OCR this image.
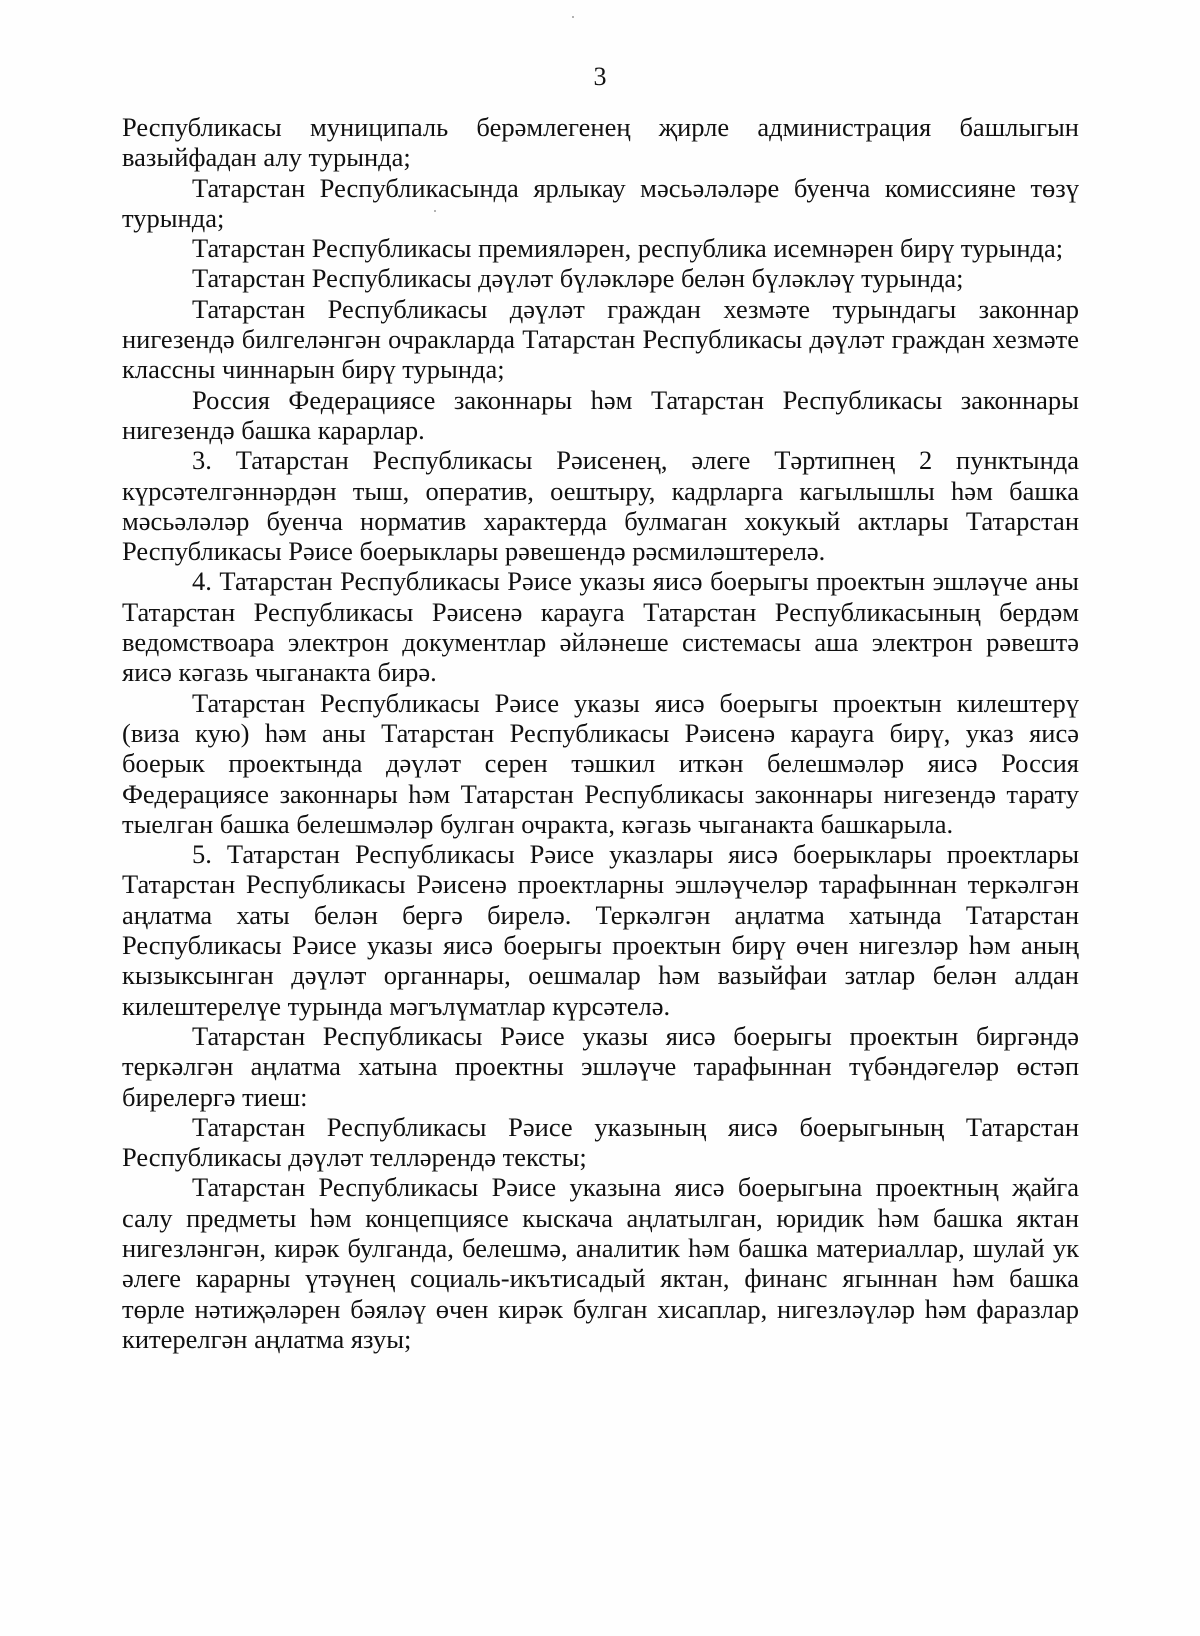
3

Республикасы муниципаль берәмлегенең җирле администрация башлыгын вазыйфадан алу турында;

Татарстан Республикасында ярлыкау мәсьәләләре буенча комиссияне төзү турында;

Татарстан Республикасы премияләрен, республика исемнәрен бирү турында;

Татарстан Республикасы дәүләт бүләкләре белән бүләкләү турында;

Татарстан Республикасы дәүләт граждан хезмәте турындагы законнар нигезендә билгеләнгән очракларда Татарстан Республикасы дәүләт граждан хезмәте классны чиннарын бирү турында;

Россия Федерациясе законнары һәм Татарстан Республикасы законнары нигезендә башка карарлар.

3. Татарстан Республикасы Рәисенең, әлеге Тәртипнең 2 пунктында күрсәтелгәннәрдән тыш, оператив, оештыру, кадрларга кагылышлы һәм башка мәсьәләләр буенча норматив характерда булмаган хокукый актлары Татарстан Республикасы Рәисе боерыклары рәвешендә рәсмиләштерелә.

4. Татарстан Республикасы Рәисе указы яисә боерыгы проектын эшләүче аны Татарстан Республикасы Рәисенә карауга Татарстан Республикасының бердәм ведомствоара электрон документлар әйләнеше системасы аша электрон рәвештә яисә кәгазь чыганакта бирә.

Татарстан Республикасы Рәисе указы яисә боерыгы проектын килештерү (виза кую) һәм аны Татарстан Республикасы Рәисенә карауга бирү, указ яисә боерык проектында дәүләт серен тәшкил иткән белешмәләр яисә Россия Федерациясе законнары һәм Татарстан Республикасы законнары нигезендә тарату тыелган башка белешмәләр булган очракта, кәгазь чыганакта башкарыла.

5. Татарстан Республикасы Рәисе указлары яисә боерыклары проектлары Татарстан Республикасы Рәисенә проектларны эшләүчеләр тарафыннан теркәлгән аңлатма хаты белән бергә бирелә. Теркәлгән аңлатма хатында Татарстан Республикасы Рәисе указы яисә боерыгы проектын бирү өчен нигезләр һәм аның кызыксынган дәүләт органнары, оешмалар һәм вазыйфаи затлар белән алдан килештерелүе турында мәгълүматлар күрсәтелә.

Татарстан Республикасы Рәисе указы яисә боерыгы проектын биргәндә теркәлгән аңлатма хатына проектны эшләүче тарафыннан түбәндәгеләр өстәп бирелергә тиеш:

Татарстан Республикасы Рәисе указының яисә боерыгының Татарстан Республикасы дәүләт телләрендә тексты;

Татарстан Республикасы Рәисе указына яисә боерыгына проектның җайга салу предметы һәм концепциясе кыскача аңлатылган, юридик һәм башка яктан нигезләнгән, кирәк булганда, белешмә, аналитик һәм башка материаллар, шулай ук әлеге карарны үтәүнең социаль-икътисадый яктан, финанс ягыннан һәм башка төрле нәтиҗәләрен бәяләү өчен кирәк булган хисаплар, нигезләүләр һәм фаразлар китерелгән аңлатма язуы;
